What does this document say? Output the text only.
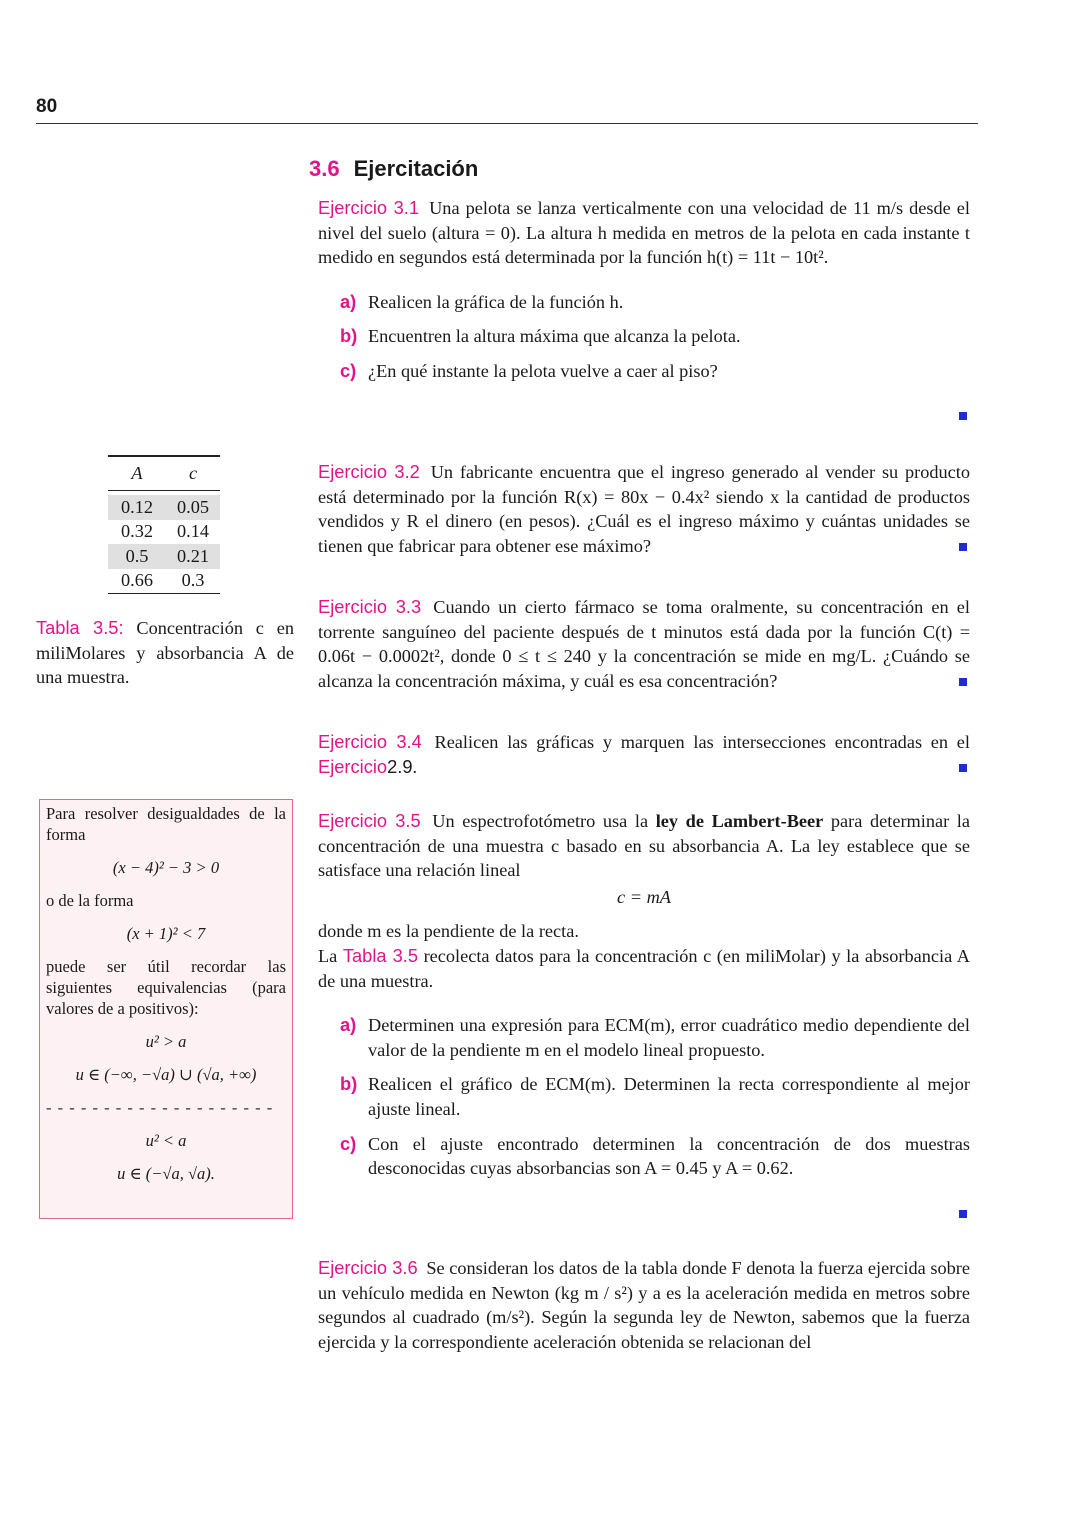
80
3.6 Ejercitación
Ejercicio 3.1 Una pelota se lanza verticalmente con una velocidad de 11 m/s desde el nivel del suelo (altura = 0). La altura h medida en metros de la pelota en cada instante t medido en segundos está determinada por la función h(t) = 11t − 10t².
a) Realicen la gráfica de la función h.
b) Encuentren la altura máxima que alcanza la pelota.
c) ¿En qué instante la pelota vuelve a caer al piso?
A	c
0.12	0.05
0.32	0.14
0.5	0.21
0.66	0.3
Tabla 3.5: Concentración c en miliMolares y absorbancia A de una muestra.

Para resolver desigualdades de la forma

(x − 4)² − 3 > 0

o de la forma

(x + 1)² < 7

puede ser útil recordar las siguientes equivalencias (para valores de a positivos):

u² > a
u ∈ (−∞, −√a) ∪ (√a, +∞)
- - - - - - - - - - - - - - - - - - - -
u² < a
u ∈ (−√a, √a).
Ejercicio 3.2 Un fabricante encuentra que el ingreso generado al vender su producto está determinado por la función R(x) = 80x − 0.4x² siendo x la cantidad de productos vendidos y R el dinero (en pesos). ¿Cuál es el ingreso máximo y cuántas unidades se tienen que fabricar para obtener ese máximo?
Ejercicio 3.3 Cuando un cierto fármaco se toma oralmente, su concentración en el torrente sanguíneo del paciente después de t minutos está dada por la función C(t) = 0.06t − 0.0002t², donde 0 ≤ t ≤ 240 y la concentración se mide en mg/L. ¿Cuándo se alcanza la concentración máxima, y cuál es esa concentración?
Ejercicio 3.4 Realicen las gráficas y marquen las intersecciones encontradas en el Ejercicio2.9.
Ejercicio 3.5 Un espectrofotómetro usa la ley de Lambert-Beer para determinar la concentración de una muestra c basado en su absorbancia A. La ley establece que se satisface una relación lineal
c = mA
donde m es la pendiente de la recta.
La Tabla 3.5 recolecta datos para la concentración c (en miliMolar) y la absorbancia A de una muestra.
a) Determinen una expresión para ECM(m), error cuadrático medio dependiente del valor de la pendiente m en el modelo lineal propuesto.
b) Realicen el gráfico de ECM(m). Determinen la recta correspondiente al mejor ajuste lineal.
c) Con el ajuste encontrado determinen la concentración de dos muestras desconocidas cuyas absorbancias son A = 0.45 y A = 0.62.
Ejercicio 3.6 Se consideran los datos de la tabla donde F denota la fuerza ejercida sobre un vehículo medida en Newton (kg m / s²) y a es la aceleración medida en metros sobre segundos al cuadrado (m/s²). Según la segunda ley de Newton, sabemos que la fuerza ejercida y la correspondiente aceleración obtenida se relacionan del
